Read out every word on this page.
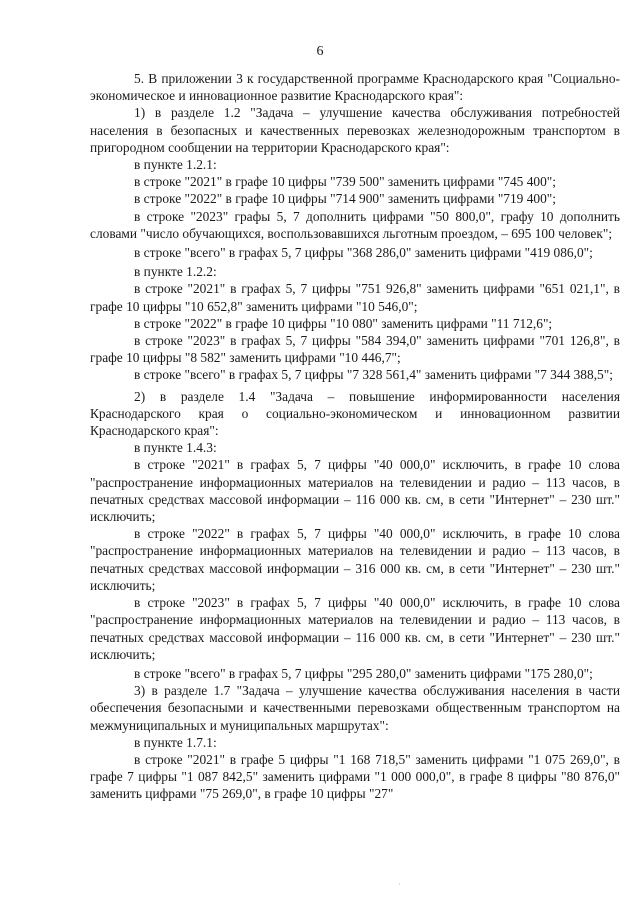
6

5. В приложении 3 к государственной программе Краснодарского края "Социально-экономическое и инновационное развитие Краснодарского края":

1) в разделе 1.2 "Задача – улучшение качества обслуживания потребностей населения в безопасных и качественных перевозках железнодорожным транспортом в пригородном сообщении на территории Краснодарского края":

в пункте 1.2.1:

в строке "2021" в графе 10 цифры "739 500" заменить цифрами "745 400";

в строке "2022" в графе 10 цифры "714 900" заменить цифрами "719 400";

в строке "2023" графы 5, 7 дополнить цифрами "50 800,0", графу 10 дополнить словами "число обучающихся, воспользовавшихся льготным проездом, – 695 100 человек";

в строке "всего" в графах 5, 7 цифры "368 286,0" заменить цифрами "419 086,0";

в пункте 1.2.2:

в строке "2021" в графах 5, 7 цифры "751 926,8" заменить цифрами "651 021,1", в графе 10 цифры "10 652,8" заменить цифрами "10 546,0";

в строке "2022" в графе 10 цифры "10 080" заменить цифрами "11 712,6";

в строке "2023" в графах 5, 7 цифры "584 394,0" заменить цифрами "701 126,8", в графе 10 цифры "8 582" заменить цифрами "10 446,7";

в строке "всего" в графах 5, 7 цифры "7 328 561,4" заменить цифрами "7 344 388,5";

2) в разделе 1.4 "Задача – повышение информированности населения Краснодарского края о социально-экономическом и инновационном развитии Краснодарского края":

в пункте 1.4.3:

в строке "2021" в графах 5, 7 цифры "40 000,0" исключить, в графе 10 слова "распространение информационных материалов на телевидении и радио – 113 часов, в печатных средствах массовой информации – 116 000 кв. см, в сети "Интернет" – 230 шт." исключить;

в строке "2022" в графах 5, 7 цифры "40 000,0" исключить, в графе 10 слова "распространение информационных материалов на телевидении и радио – 113 часов, в печатных средствах массовой информации – 316 000 кв. см, в сети "Интернет" – 230 шт." исключить;

в строке "2023" в графах 5, 7 цифры "40 000,0" исключить, в графе 10 слова "распространение информационных материалов на телевидении и радио – 113 часов, в печатных средствах массовой информации – 116 000 кв. см, в сети "Интернет" – 230 шт." исключить;

в строке "всего" в графах 5, 7 цифры "295 280,0" заменить цифрами "175 280,0";

3) в разделе 1.7 "Задача – улучшение качества обслуживания населения в части обеспечения безопасными и качественными перевозками общественным транспортом на межмуниципальных и муниципальных маршрутах":

в пункте 1.7.1:

в строке "2021" в графе 5 цифры "1 168 718,5" заменить цифрами "1 075 269,0", в графе 7 цифры "1 087 842,5" заменить цифрами "1 000 000,0", в графе 8 цифры "80 876,0" заменить цифрами "75 269,0", в графе 10 цифры "27"

·
